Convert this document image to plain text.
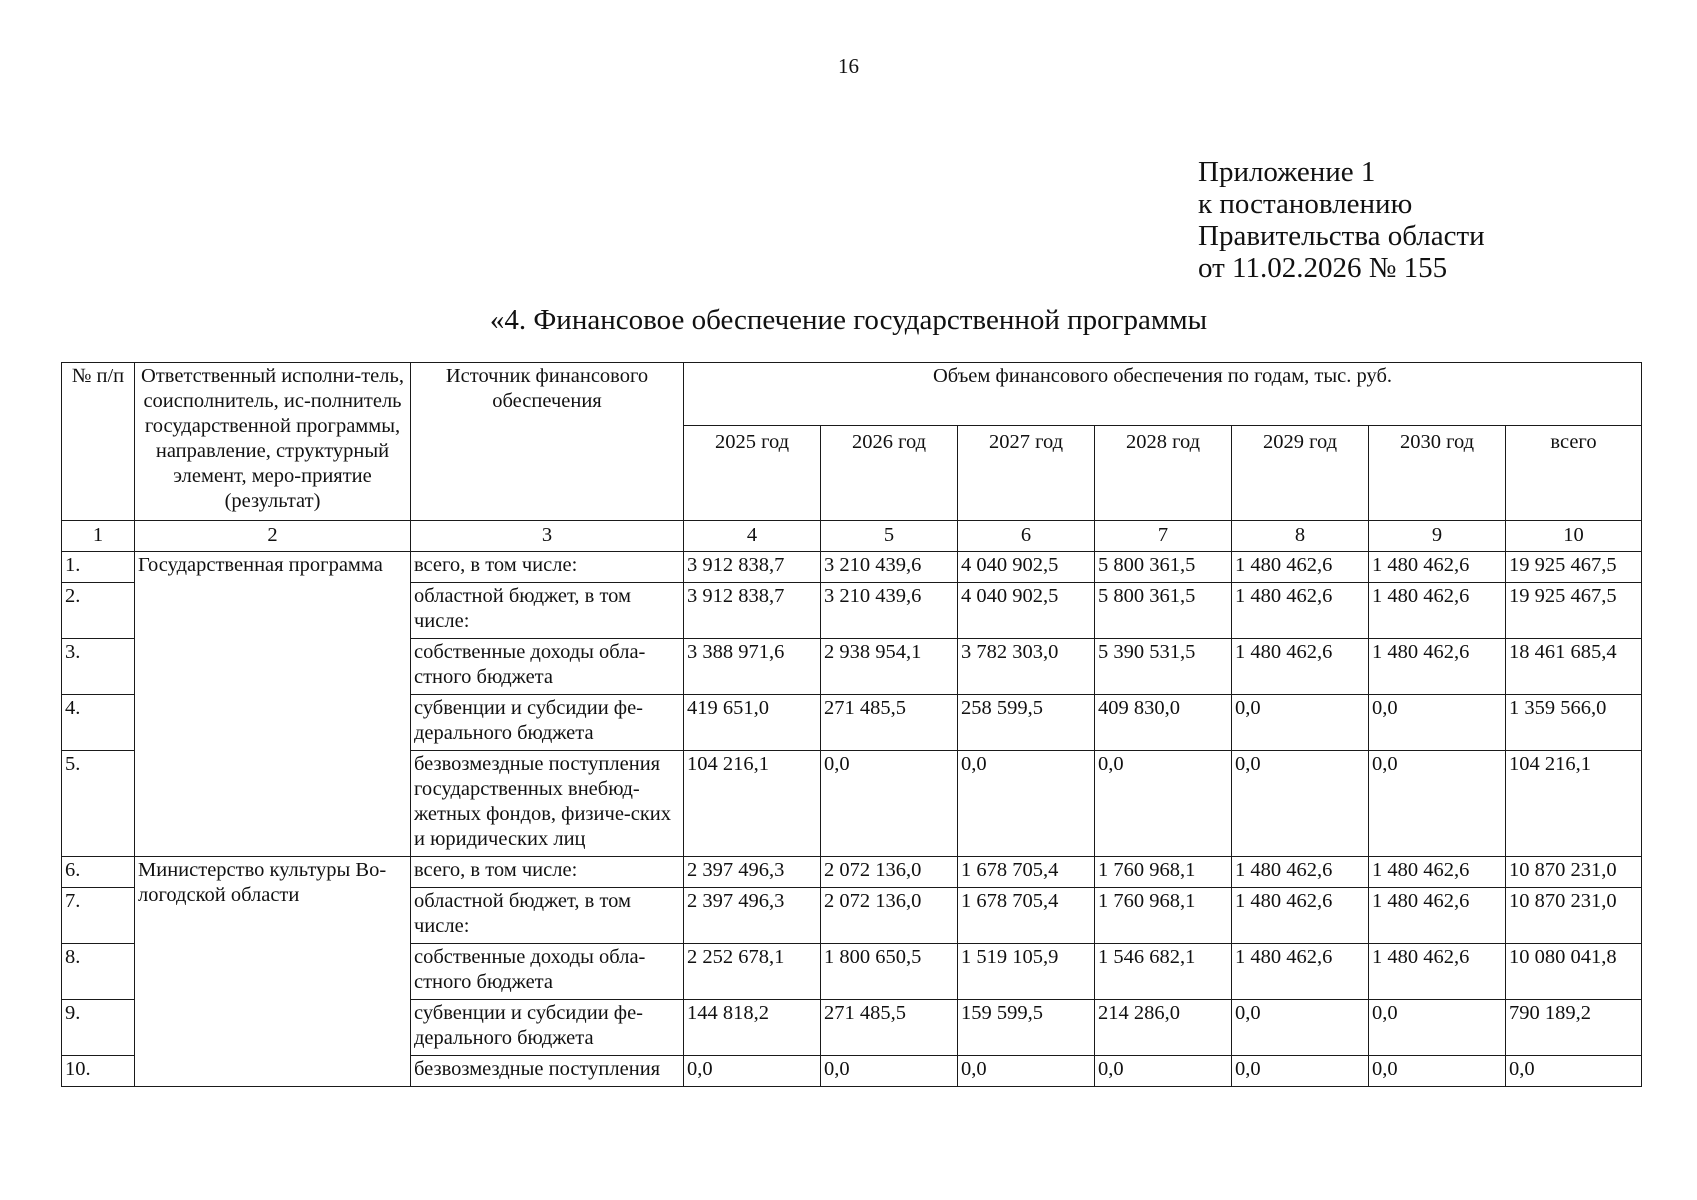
16
Приложение 1
к постановлению
Правительства области
от 11.02.2026 № 155
«4. Финансовое обеспечение государственной программы
№ п/п	Ответственный исполни-тель, соисполнитель, ис-полнитель государственной программы, направление, структурный элемент, меро-приятие (результат)	Источник финансового обеспечения	Объем финансового обеспечения по годам, тыс. руб.						
			2025 год	2026 год	2027 год	2028 год	2029 год	2030 год	всего
1	2	3	4	5	6	7	8	9	10
1.	Государственная программа	всего, в том числе:	3 912 838,7	3 210 439,6	4 040 902,5	5 800 361,5	1 480 462,6	1 480 462,6	19 925 467,5
2.		областной бюджет, в том числе:	3 912 838,7	3 210 439,6	4 040 902,5	5 800 361,5	1 480 462,6	1 480 462,6	19 925 467,5
3.		собственные доходы обла-стного бюджета	3 388 971,6	2 938 954,1	3 782 303,0	5 390 531,5	1 480 462,6	1 480 462,6	18 461 685,4
4.		субвенции и субсидии фе-дерального бюджета	419 651,0	271 485,5	258 599,5	409 830,0	0,0	0,0	1 359 566,0
5.		безвозмездные поступления государственных внебюд-жетных фондов, физиче-ских и юридических лиц	104 216,1	0,0	0,0	0,0	0,0	0,0	104 216,1
6.	Министерство культуры Во-логодской области	всего, в том числе:	2 397 496,3	2 072 136,0	1 678 705,4	1 760 968,1	1 480 462,6	1 480 462,6	10 870 231,0
7.		областной бюджет, в том числе:	2 397 496,3	2 072 136,0	1 678 705,4	1 760 968,1	1 480 462,6	1 480 462,6	10 870 231,0
8.		собственные доходы обла-стного бюджета	2 252 678,1	1 800 650,5	1 519 105,9	1 546 682,1	1 480 462,6	1 480 462,6	10 080 041,8
9.		субвенции и субсидии фе-дерального бюджета	144 818,2	271 485,5	159 599,5	214 286,0	0,0	0,0	790 189,2
10.		безвозмездные поступления	0,0	0,0	0,0	0,0	0,0	0,0	0,0
